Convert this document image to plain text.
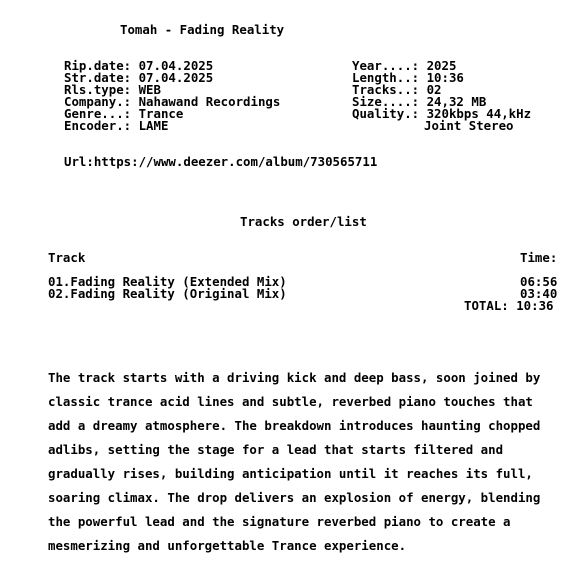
Tomah - Fading Reality
Rip.date: 07.04.2025
Str.date: 07.04.2025
Rls.type: WEB
Company.: Nahawand Recordings
Genre...: Trance
Encoder.: LAME
Year....: 2025
Length..: 10:36
Tracks..: 02
Size....: 24,32 MB
Quality.: 320kbps 44,kHz
Joint Stereo
Url:https://www.deezer.com/album/730565711
Tracks order/list
Track	Time:
01.Fading Reality (Extended Mix)	06:56
02.Fading Reality (Original Mix)	03:40
TOTAL: 10:36

The track starts with a driving kick and deep bass, soon joined by

classic trance acid lines and subtle, reverbed piano touches that

add a dreamy atmosphere. The breakdown introduces haunting chopped

adlibs, setting the stage for a lead that starts filtered and

gradually rises, building anticipation until it reaches its full,

soaring climax. The drop delivers an explosion of energy, blending

the powerful lead and the signature reverbed piano to create a

mesmerizing and unforgettable Trance experience.
